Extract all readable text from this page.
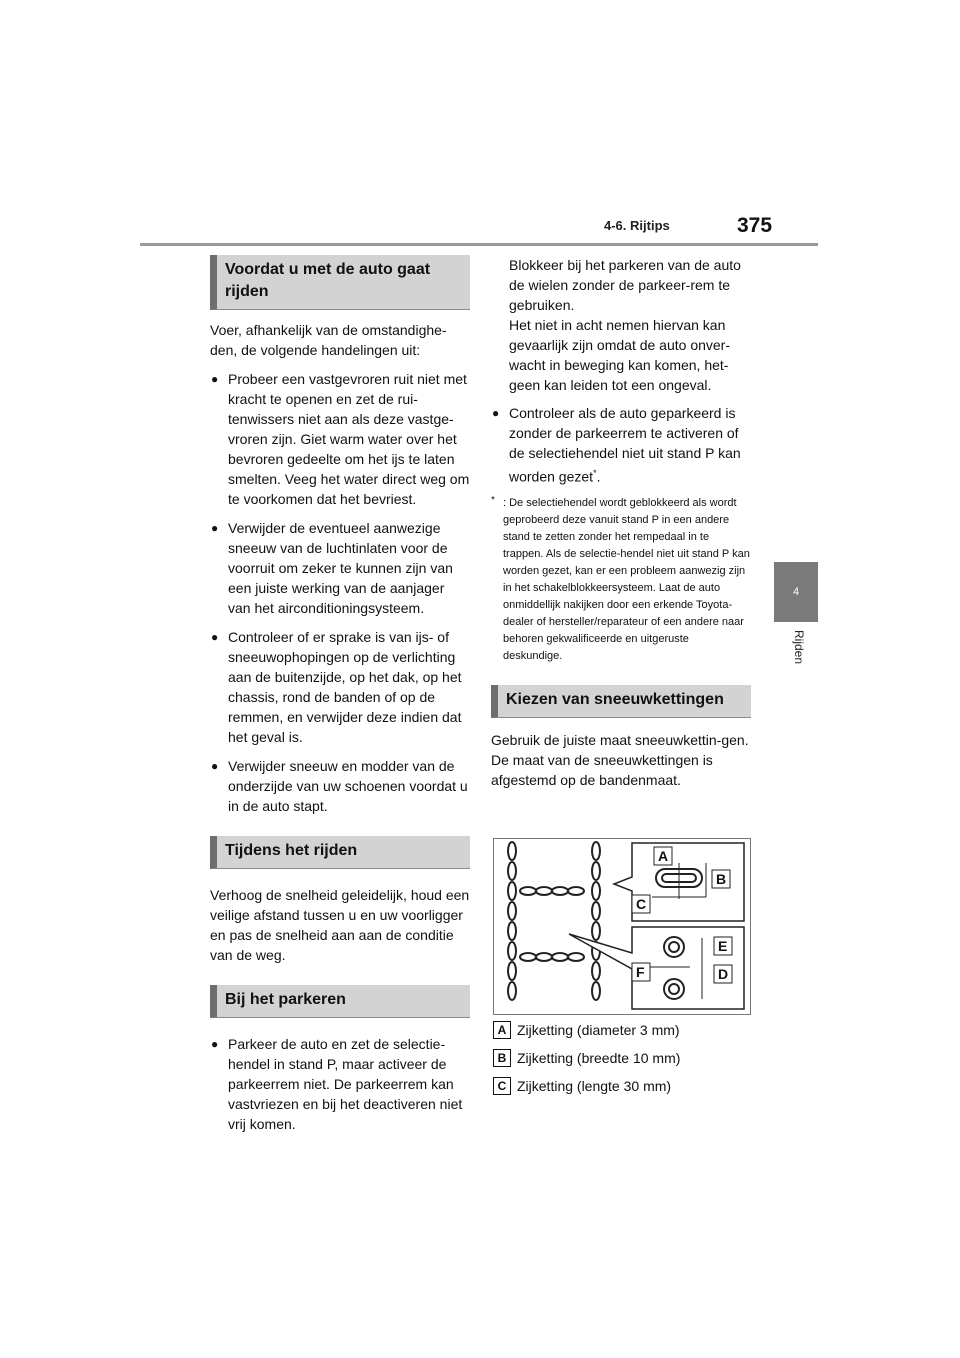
4-6. Rijtips	375
4
Rijden
Voordat u met de auto gaat rijden

Voer, afhankelijk van de omstandighe-den, de volgende handelingen uit:

● Probeer een vastgevroren ruit niet met kracht te openen en zet de rui-tenwissers niet aan als deze vastge-vroren zijn. Giet warm water over het bevroren gedeelte om het ijs te laten smelten. Veeg het water direct weg om te voorkomen dat het bevriest.

● Verwijder de eventueel aanwezige sneeuw van de luchtinlaten voor de voorruit om zeker te kunnen zijn van een juiste werking van de aanjager van het airconditioningsysteem.

● Controleer of er sprake is van ijs- of sneeuwophopingen op de verlichting aan de buitenzijde, op het dak, op het chassis, rond de banden of op de remmen, en verwijder deze indien dat het geval is.

● Verwijder sneeuw en modder van de onderzijde van uw schoenen voordat u in de auto stapt.

Tijdens het rijden

Verhoog de snelheid geleidelijk, houd een veilige afstand tussen u en uw voorligger en pas de snelheid aan aan de conditie van de weg.

Bij het parkeren

● Parkeer de auto en zet de selectie-hendel in stand P, maar activeer de parkeerrem niet. De parkeerrem kan vastvriezen en bij het deactiveren niet vrij komen.

Blokkeer bij het parkeren van de auto de wielen zonder de parkeer-rem te gebruiken.

Het niet in acht nemen hiervan kan gevaarlijk zijn omdat de auto onver-wacht in beweging kan komen, het-geen kan leiden tot een ongeval.

● Controleer als de auto geparkeerd is zonder de parkeerrem te activeren of de selectiehendel niet uit stand P kan worden gezet*.

* : De selectiehendel wordt geblokkeerd als wordt geprobeerd deze vanuit stand P in een andere stand te zetten zonder het rempedaal in te trappen. Als de selectie-hendel niet uit stand P kan worden gezet, kan er een probleem aanwezig zijn in het schakelblokkeersysteem. Laat de auto onmiddellijk nakijken door een erkende Toyota-dealer of hersteller/reparateur of een andere naar behoren gekwalificeerde en uitgeruste deskundige.

Kiezen van sneeuwkettingen

Gebruik de juiste maat sneeuwkettin-gen.

De maat van de sneeuwkettingen is afgestemd op de bandenmaat.

A
B
C
E
F	D
A Zijketting (diameter 3 mm)
B Zijketting (breedte 10 mm)
C Zijketting (lengte 30 mm)
